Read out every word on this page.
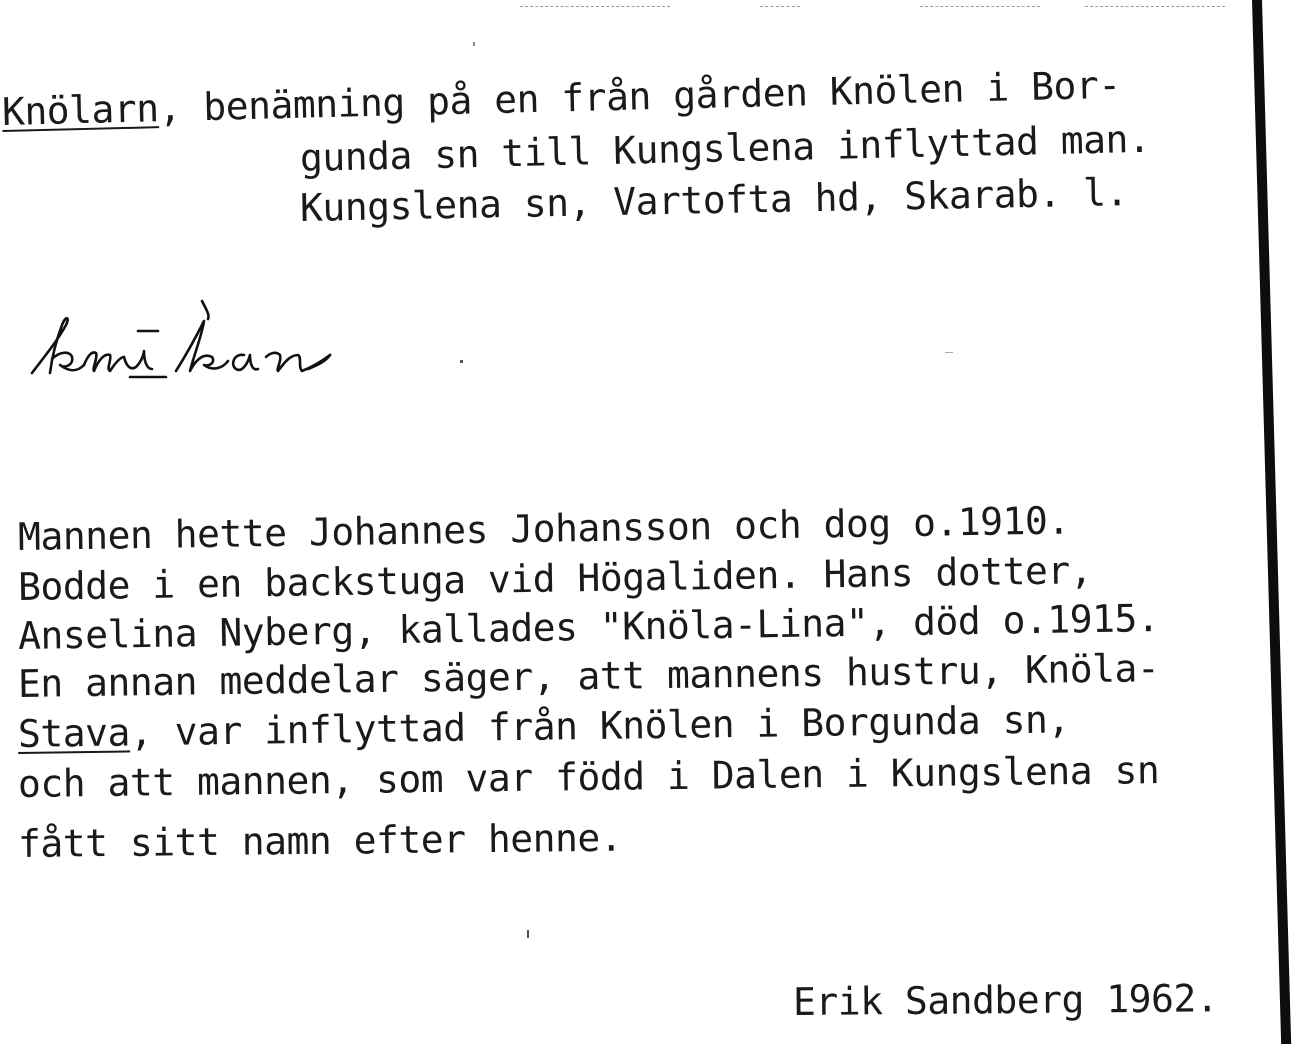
Knölarn, benämning på en från gården Knölen i Bor-
gunda sn till Kungslena inflyttad man.
Kungslena sn, Vartofta hd, Skarab. l.
Mannen hette Johannes Johansson och dog o.1910.
Bodde i en backstuga vid Högaliden. Hans dotter,
Anselina Nyberg, kallades "Knöla-Lina", död o.1915.
En annan meddelar säger, att mannens hustru, Knöla-
Stava, var inflyttad från Knölen i Borgunda sn,
och att mannen, som var född i Dalen i Kungslena sn
fått sitt namn efter henne.
Erik Sandberg 1962.
